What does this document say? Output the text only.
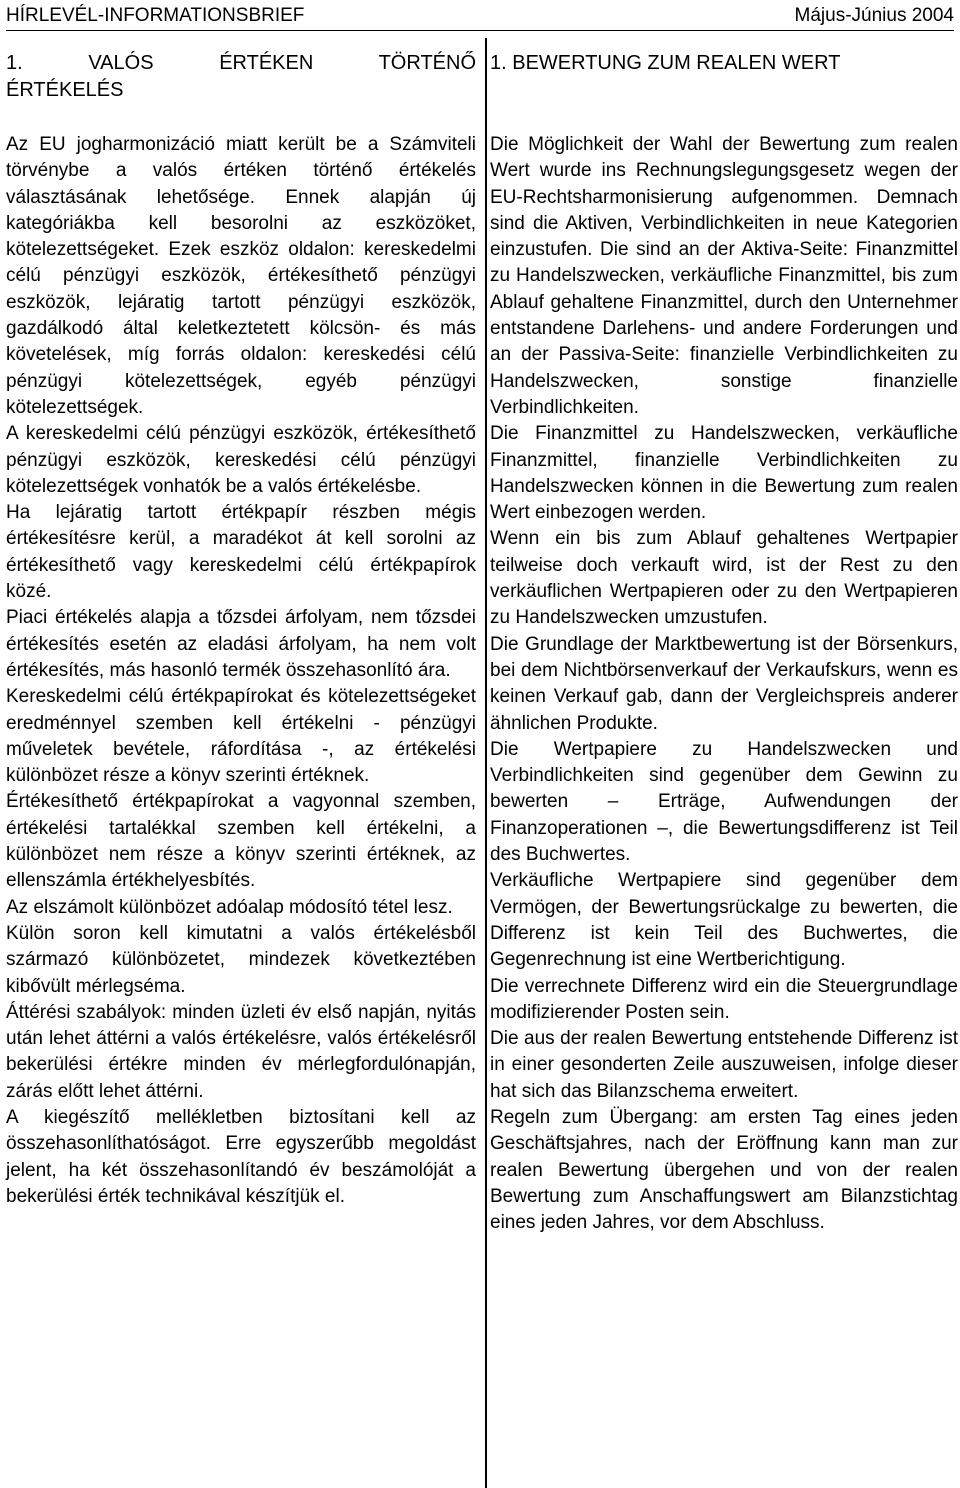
HÍRLEVÉL-INFORMATIONSBRIEF	Május-Június 2004
1. VALÓS ÉRTÉKEN TÖRTÉNŐ
ÉRTÉKELÉS

Az EU jogharmonizáció miatt került be a Számviteli törvénybe a valós értéken történő értékelés választásának lehetősége. Ennek alapján új kategóriákba kell besorolni az eszközöket, kötelezettségeket. Ezek eszköz oldalon: kereskedelmi célú pénzügyi eszközök, értékesíthető pénzügyi eszközök, lejáratig tartott pénzügyi eszközök, gazdálkodó által keletkeztetett kölcsön- és más követelések, míg forrás oldalon: kereskedési célú pénzügyi kötelezettségek, egyéb pénzügyi kötelezettségek.

A kereskedelmi célú pénzügyi eszközök, értékesíthető pénzügyi eszközök, kereskedési célú pénzügyi kötelezettségek vonhatók be a valós értékelésbe.

Ha lejáratig tartott értékpapír részben mégis értékesítésre kerül, a maradékot át kell sorolni az értékesíthető vagy kereskedelmi célú értékpapírok közé.

Piaci értékelés alapja a tőzsdei árfolyam, nem tőzsdei értékesítés esetén az eladási árfolyam, ha nem volt értékesítés, más hasonló termék összehasonlító ára.

Kereskedelmi célú értékpapírokat és kötelezettségeket eredménnyel szemben kell értékelni - pénzügyi műveletek bevétele, ráfordítása -, az értékelési különbözet része a könyv szerinti értéknek.

Értékesíthető értékpapírokat a vagyonnal szemben, értékelési tartalékkal szemben kell értékelni, a különbözet nem része a könyv szerinti értéknek, az ellenszámla értékhelyesbítés.

Az elszámolt különbözet adóalap módosító tétel lesz.

Külön soron kell kimutatni a valós értékelésből származó különbözetet, mindezek következtében kibővült mérlegséma.

Áttérési szabályok: minden üzleti év első napján, nyitás után lehet áttérni a valós értékelésre, valós értékelésről bekerülési értékre minden év mérlegfordulónapján, zárás előtt lehet áttérni.

A kiegészítő mellékletben biztosítani kell az összehasonlíthatóságot. Erre egyszerűbb megoldást jelent, ha két összehasonlítandó év beszámolóját a bekerülési érték technikával készítjük el.

1. BEWERTUNG ZUM REALEN WERT

Die Möglichkeit der Wahl der Bewertung zum realen Wert wurde ins Rechnungslegungsgesetz wegen der EU-Rechtsharmonisierung aufgenommen. Demnach sind die Aktiven, Verbindlichkeiten in neue Kategorien einzustufen. Die sind an der Aktiva-Seite: Finanzmittel zu Handelszwecken, verkäufliche Finanzmittel, bis zum Ablauf gehaltene Finanzmittel, durch den Unternehmer entstandene Darlehens- und andere Forderungen und an der Passiva-Seite: finanzielle Verbindlichkeiten zu Handelszwecken, sonstige finanzielle Verbindlichkeiten.

Die Finanzmittel zu Handelszwecken, verkäufliche Finanzmittel, finanzielle Verbindlichkeiten zu Handelszwecken können in die Bewertung zum realen Wert einbezogen werden.

Wenn ein bis zum Ablauf gehaltenes Wertpapier teilweise doch verkauft wird, ist der Rest zu den verkäuflichen Wertpapieren oder zu den Wertpapieren zu Handelszwecken umzustufen.

Die Grundlage der Marktbewertung ist der Börsenkurs, bei dem Nichtbörsenverkauf der Verkaufskurs, wenn es keinen Verkauf gab, dann der Vergleichspreis anderer ähnlichen Produkte.

Die Wertpapiere zu Handelszwecken und Verbindlichkeiten sind gegenüber dem Gewinn zu bewerten – Erträge, Aufwendungen der Finanzoperationen –, die Bewertungsdifferenz ist Teil des Buchwertes.

Verkäufliche Wertpapiere sind gegenüber dem Vermögen, der Bewertungsrückalge zu bewerten, die Differenz ist kein Teil des Buchwertes, die Gegenrechnung ist eine Wertberichtigung.

Die verrechnete Differenz wird ein die Steuergrundlage modifizierender Posten sein.

Die aus der realen Bewertung entstehende Differenz ist in einer gesonderten Zeile auszuweisen, infolge dieser hat sich das Bilanzschema erweitert.

Regeln zum Übergang: am ersten Tag eines jeden Geschäftsjahres, nach der Eröffnung kann man zur realen Bewertung übergehen und von der realen Bewertung zum Anschaffungswert am Bilanzstichtag eines jeden Jahres, vor dem Abschluss.
